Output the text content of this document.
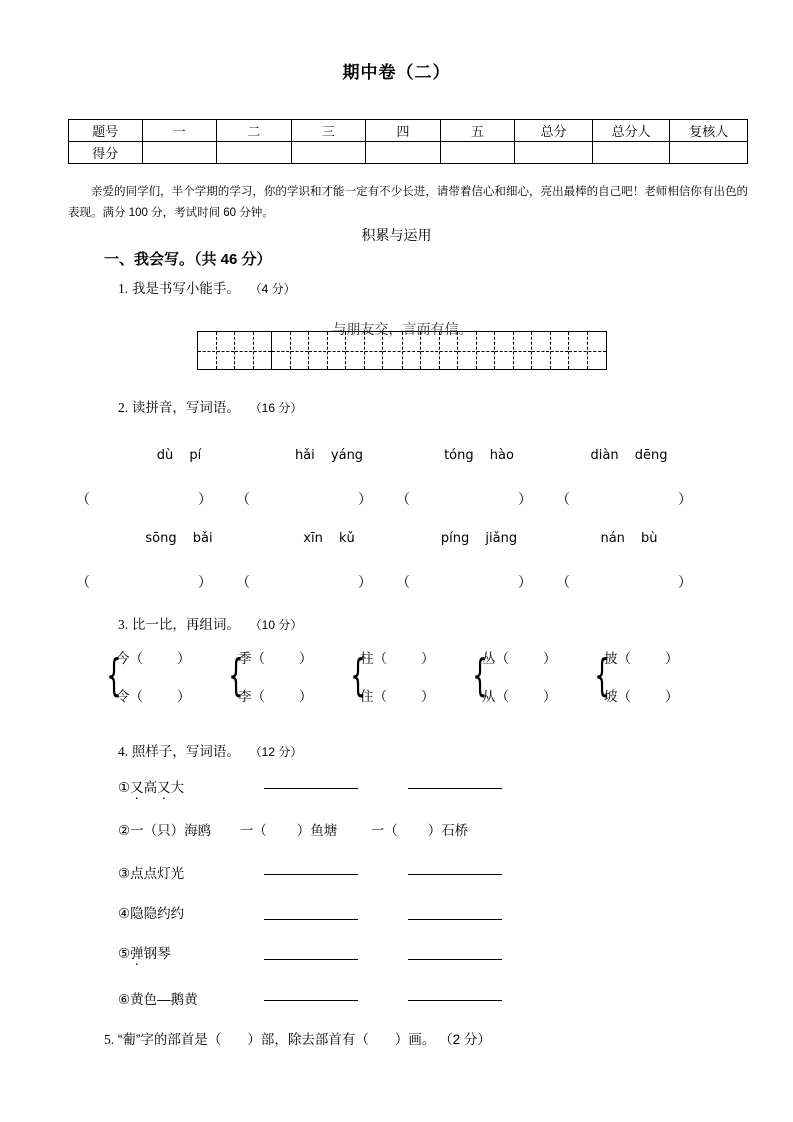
期中卷（二）
题号	一	二	三	四	五	总分	总分人	复核人
得分								
亲爱的同学们，半个学期的学习，你的学识和才能一定有不少长进，请带着信心和细心，亮出最棒的自己吧！老师相信你有出色的表现。满分 100 分，考试时间 60 分钟。
积累与运用
一、我会写。（共 46 分）
1. 我是书写小能手。 （4 分）
与朋友交，言而有信。
2. 读拼音，写词语。 （16 分）
dù pí	hǎi yáng	tóng hào	diàn dēng
（	） （	） （	） （	）
sōng bǎi	xīn kǔ	píng jiǎng	nán bù
（	） （	） （	） （	）
3. 比一比，再组词。 （10 分）
{
今（	）
令（	） {
季（	）
李（	） {
柱（	）
住（	） {
丛（	）
从（	） {
披（	）
坡（	）
4. 照样子，写词语。 （12 分）
①又高又大
②一（只）海鸥 一（ ）鱼塘 一（ ）石桥
③点点灯光
④隐隐约约
⑤弹钢琴
⑥黄色—鹅黄
5. “葡”字的部首是（ ）部，除去部首有（ ）画。 （2 分）
